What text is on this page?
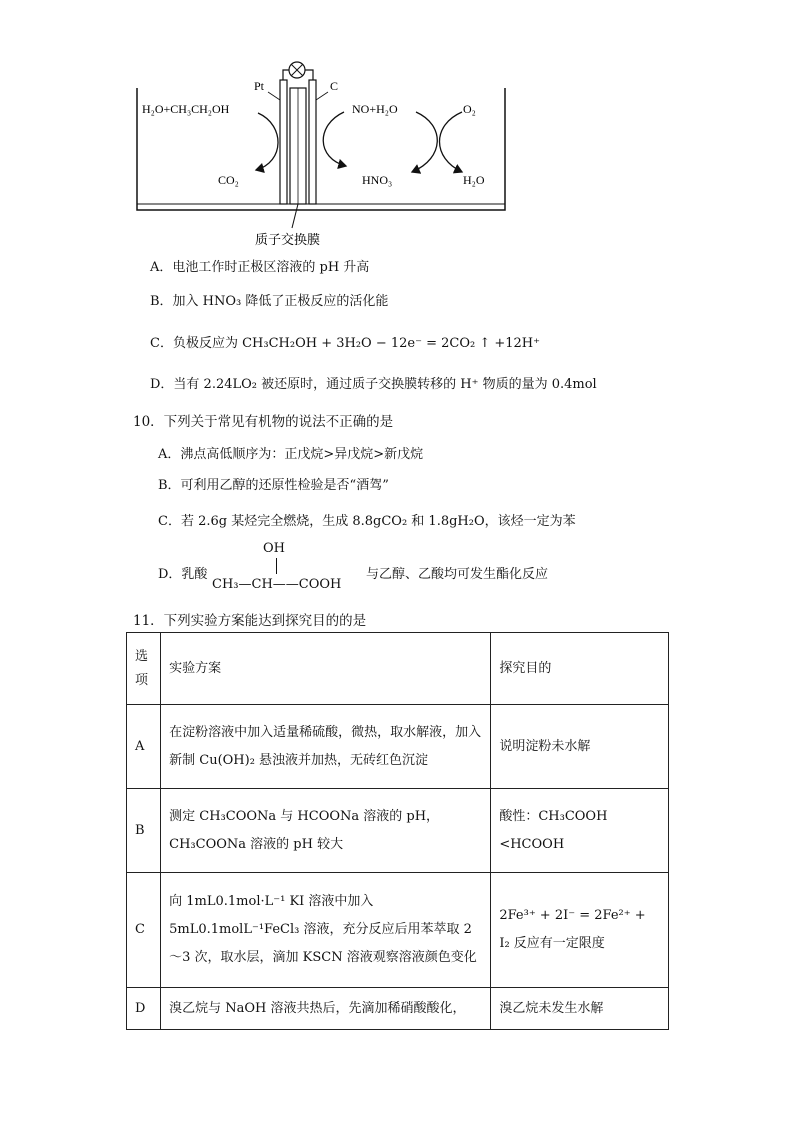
H₂O+CH₃CH₂OH
CO₂
Pt	C
NO+H₂O
HNO₃
O₂
H₂O
质子交换膜
A．电池工作时正极区溶液的 pH 升高
B．加入 HNO₃ 降低了正极反应的活化能
C．负极反应为 CH₃CH₂OH + 3H₂O − 12e⁻ = 2CO₂ ↑ +12H⁺
D．当有 2.24LO₂ 被还原时，通过质子交换膜转移的 H⁺ 物质的量为 0.4mol
10．下列关于常见有机物的说法不正确的是
A．沸点高低顺序为：正戊烷>异戊烷>新戊烷
B．可利用乙醇的还原性检验是否“酒驾”
C．若 2.6g 某烃完全燃烧，生成 8.8gCO₂ 和 1.8gH₂O，该烃一定为苯
D．乳酸
OH
CH₃—CH——COOH
与乙醇、乙酸均可发生酯化反应
11．下列实验方案能达到探究目的的是
选项	实验方案	探究目的
A	在淀粉溶液中加入适量稀硫酸，微热，取水解液，加入新制 Cu(OH)₂ 悬浊液并加热，无砖红色沉淀	说明淀粉未水解
B	测定 CH₃COONa 与 HCOONa 溶液的 pH，CH₃COONa 溶液的 pH 较大	酸性：CH₃COOH <HCOOH
C	向 1mL0.1mol·L⁻¹ KI 溶液中加入 5mL0.1molL⁻¹FeCl₃ 溶液，充分反应后用苯萃取 2～3 次，取水层，滴加 KSCN 溶液观察溶液颜色变化	2Fe³⁺ + 2I⁻ = 2Fe²⁺ + I₂ 反应有一定限度
D	溴乙烷与 NaOH 溶液共热后，先滴加稀硝酸酸化，	溴乙烷未发生水解
